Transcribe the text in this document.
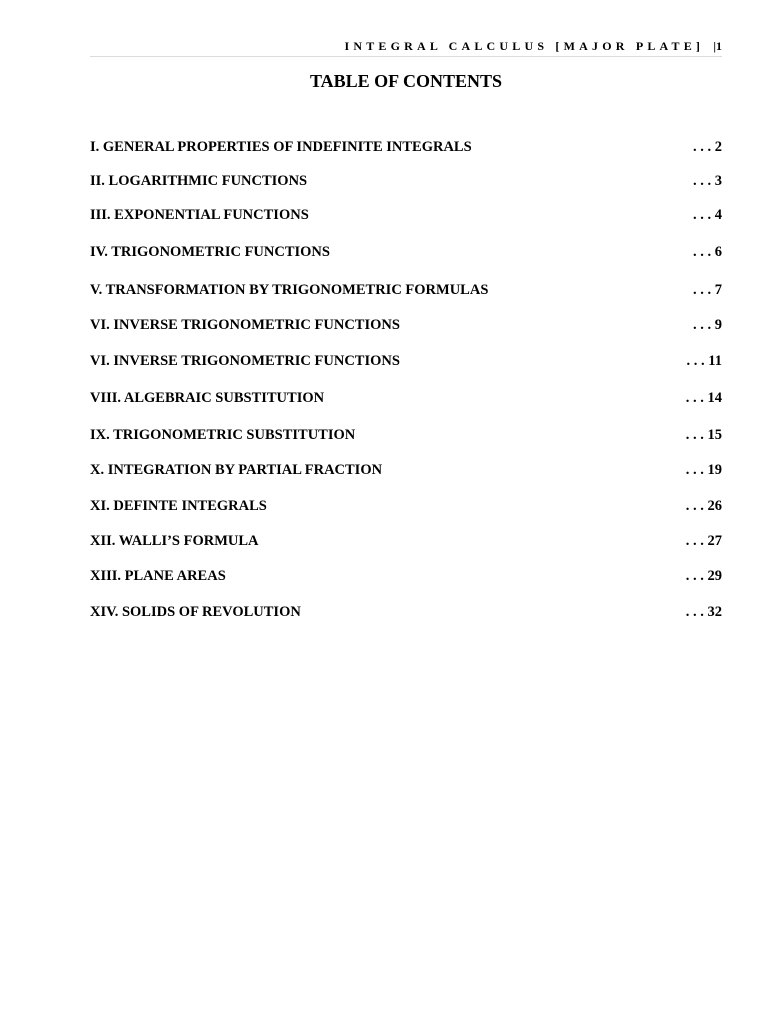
INTEGRAL CALCULUS [MAJOR PLATE] |1
TABLE OF CONTENTS
I. GENERAL PROPERTIES OF INDEFINITE INTEGRALS	. . . 2
II. LOGARITHMIC FUNCTIONS	. . . 3
III. EXPONENTIAL FUNCTIONS	. . . 4
IV. TRIGONOMETRIC FUNCTIONS	. . . 6
V. TRANSFORMATION BY TRIGONOMETRIC FORMULAS	. . . 7
VI. INVERSE TRIGONOMETRIC FUNCTIONS	. . . 9
VI. INVERSE TRIGONOMETRIC FUNCTIONS	. . . 11
VIII. ALGEBRAIC SUBSTITUTION	. . . 14
IX. TRIGONOMETRIC SUBSTITUTION	. . . 15
X. INTEGRATION BY PARTIAL FRACTION	. . . 19
XI. DEFINTE INTEGRALS	. . . 26
XII. WALLI’S FORMULA	. . . 27
XIII. PLANE AREAS	. . . 29
XIV. SOLIDS OF REVOLUTION	. . . 32
